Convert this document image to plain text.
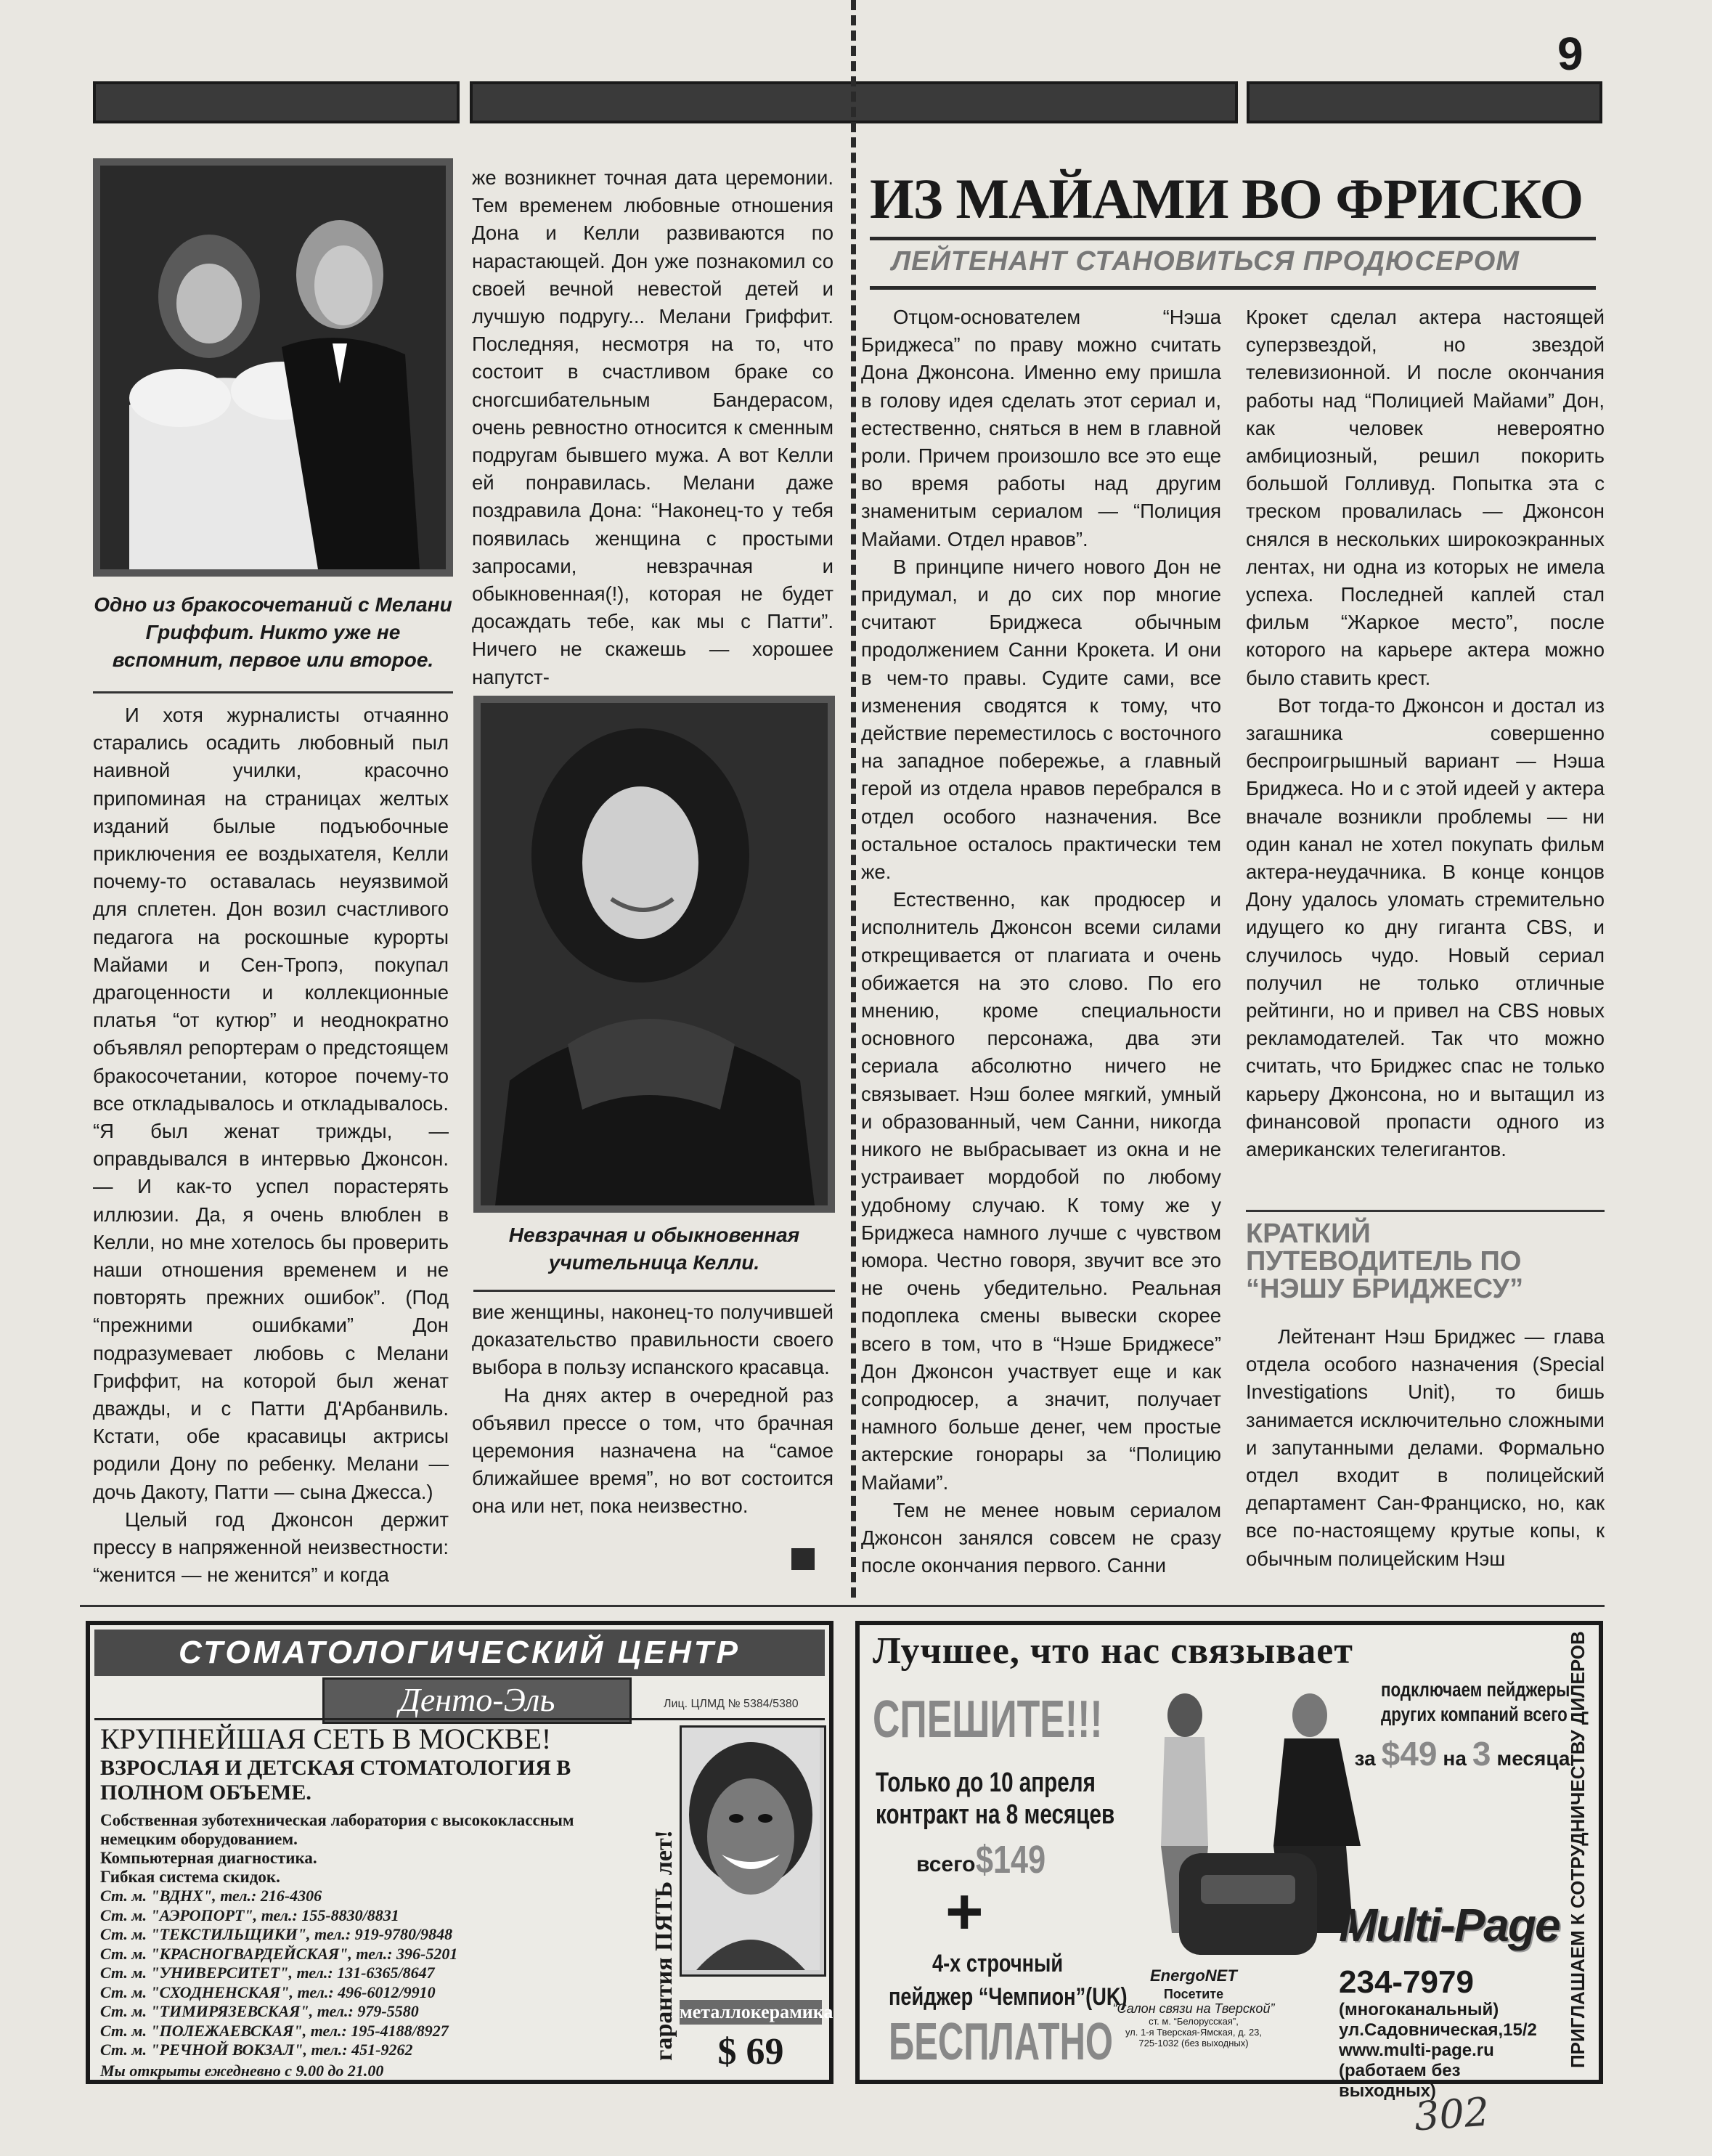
9
Одно из бракосочетаний с Мелани Гриффит. Никто уже не вспомнит, первое или второе.

И хотя журналисты отчаянно старались осадить любовный пыл наивной училки, красочно припоминая на страницах желтых изданий былые подъюбочные приключения ее воздыхателя, Келли почему-то оставалась неуязвимой для сплетен. Дон возил счастливого педагога на роскошные курорты Майами и Сен-Тропэ, покупал драгоценности и коллекционные платья “от кутюр” и неоднократно объявлял репортерам о предстоящем бракосочетании, которое почему-то все откладывалось и откладывалось. “Я был женат трижды, — оправдывался в интервью Джонсон. — И как-то успел порастерять иллюзии. Да, я очень влюблен в Келли, но мне хотелось бы проверить наши отношения временем и не повторять прежних ошибок”. (Под “прежними ошибками” Дон подразумевает любовь с Мелани Гриффит, на которой был женат дважды, и с Патти Д'Арбанвиль. Кстати, обе красавицы актрисы родили Дону по ребенку. Мелани — дочь Дакоту, Патти — сына Джесса.)

Целый год Джонсон держит прессу в напряженной неизвестности: “женится — не женится” и когда

же возникнет точная дата церемонии. Тем временем любовные отношения Дона и Келли развиваются по нарастающей. Дон уже познакомил со своей вечной невестой детей и лучшую подругу... Мелани Гриффит. Последняя, несмотря на то, что состоит в счастливом браке со сногсшибательным Бандерасом, очень ревностно относится к сменным подругам бывшего мужа. А вот Келли ей понравилась. Мелани даже поздравила Дона: “Наконец-то у тебя появилась женщина с простыми запросами, невзрачная и обыкновенная(!), которая не будет досаждать тебе, как мы с Патти”. Ничего не скажешь — хорошее напутст-

Невзрачная и обыкновенная учительница Келли.

вие женщины, наконец-то получившей доказательство правильности своего выбора в пользу испанского красавца.

На днях актер в очередной раз объявил прессе о том, что брачная церемония назначена на “самое ближайшее время”, но вот состоится она или нет, пока неизвестно.

ИЗ МАЙАМИ ВО ФРИСКО
ЛЕЙТЕНАНТ СТАНОВИТЬСЯ ПРОДЮСЕРОМ

Отцом-основателем “Нэша Бриджеса” по праву можно считать Дона Джонсона. Именно ему пришла в голову идея сделать этот сериал и, естественно, сняться в нем в главной роли. Причем произошло все это еще во время работы над другим знаменитым сериалом — “Полиция Майами. Отдел нравов”.

В принципе ничего нового Дон не придумал, и до сих пор многие считают Бриджеса обычным продолжением Санни Крокета. И они в чем-то правы. Судите сами, все изменения сводятся к тому, что действие переместилось с восточного на западное побережье, а главный герой из отдела нравов перебрался в отдел особого назначения. Все остальное осталось практически тем же.

Естественно, как продюсер и исполнитель Джонсон всеми силами открещивается от плагиата и очень обижается на это слово. По его мнению, кроме специальности основного персонажа, два эти сериала абсолютно ничего не связывает. Нэш более мягкий, умный и образованный, чем Санни, никогда никого не выбрасывает из окна и не устраивает мордобой по любому удобному случаю. К тому же у Бриджеса намного лучше с чувством юмора. Честно говоря, звучит все это не очень убедительно. Реальная подоплека смены вывески скорее всего в том, что в “Нэше Бриджесе” Дон Джонсон участвует еще и как сопродюсер, а значит, получает намного больше денег, чем простые актерские гонорары за “Полицию Майами”.

Тем не менее новым сериалом Джонсон занялся совсем не сразу после окончания первого. Санни

Крокет сделал актера настоящей суперзвездой, но звездой телевизионной. И после окончания работы над “Полицией Майами” Дон, как человек невероятно амбициозный, решил покорить большой Голливуд. Попытка эта с треском провалилась — Джонсон снялся в нескольких широкоэкранных лентах, ни одна из которых не имела успеха. Последней каплей стал фильм “Жаркое место”, после которого на карьере актера можно было ставить крест.

Вот тогда-то Джонсон и достал из загашника совершенно беспроигрышный вариант — Нэша Бриджеса. Но и с этой идеей у актера вначале возникли проблемы — ни один канал не хотел покупать фильм актера-неудачника. В конце концов Дону удалось уломать стремительно идущего ко дну гиганта CBS, и случилось чудо. Новый сериал получил не только отличные рейтинги, но и привел на CBS новых рекламодателей. Так что можно считать, что Бриджес спас не только карьеру Джонсона, но и вытащил из финансовой пропасти одного из американских телегигантов.

КРАТКИЙ ПУТЕВОДИТЕЛЬ ПО “НЭШУ БРИДЖЕСУ”

Лейтенант Нэш Бриджес — глава отдела особого назначения (Special Investigations Unit), то бишь занимается исключительно сложными и запутанными делами. Формально отдел входит в полицейский департамент Сан-Франциско, но, как все по-настоящему крутые копы, к обычным полицейским Нэш

СТОМАТОЛОГИЧЕСКИЙ ЦЕНТР
Денто-Эль	Лиц. ЦЛМД № 5384/5380
КРУПНЕЙШАЯ СЕТЬ В МОСКВЕ!
ВЗРОСЛАЯ И ДЕТСКАЯ СТОМАТОЛОГИЯ В ПОЛНОМ ОБЪЕМЕ.
Собственная зуботехническая лаборатория с высококлассным немецким оборудованием.
Компьютерная диагностика.
Гибкая система скидок.
Ст. м. "ВДНХ",
тел.: 216-4306
Ст. м. "АЭРОПОРТ",
тел.: 155-8830/8831
Ст. м. "ТЕКСТИЛЬЩИКИ",
тел.: 919-9780/9848
Ст. м. "КРАСНОГВАРДЕЙСКАЯ",
тел.: 396-5201
Ст. м. "УНИВЕРСИТЕТ",
тел.: 131-6365/8647
Ст. м. "СХОДНЕНСКАЯ",
тел.: 496-6012/9910
Ст. м. "ТИМИРЯЗЕВСКАЯ",
тел.: 979-5580
Ст. м. "ПОЛЕЖАЕВСКАЯ",
тел.: 195-4188/8927
Ст. м. "РЕЧНОЙ ВОКЗАЛ",
тел.: 451-9262
Мы открыты ежедневно с 9.00 до 21.00
гарантия ПЯТЬ лет! металлокерамика
$ 69
Лучшее, что нас связывает
СПЕШИТЕ!!!
Только до 10 апреля
контракт на 8 месяцев
всего $149
+
4-х строчный
пейджер “Чемпион”(UK)
БЕСПЛАТНО
EnergoNET
Посетите
“Салон связи на Тверской”
ст. м. “Белорусская”,
ул. 1-я Тверская-Ямская, д. 23,
725-1032 (без выходных)
подключаем пейджеры
других компаний всего
за $49 на 3 месяца
Multi-Page
234-7979
(многоканальный)
ул.Садовническая,15/2
www.multi-page.ru
(работаем без выходных)
ПРИГЛАШАЕМ К СОТРУДНИЧЕСТВУ ДИЛЕРОВ
302
